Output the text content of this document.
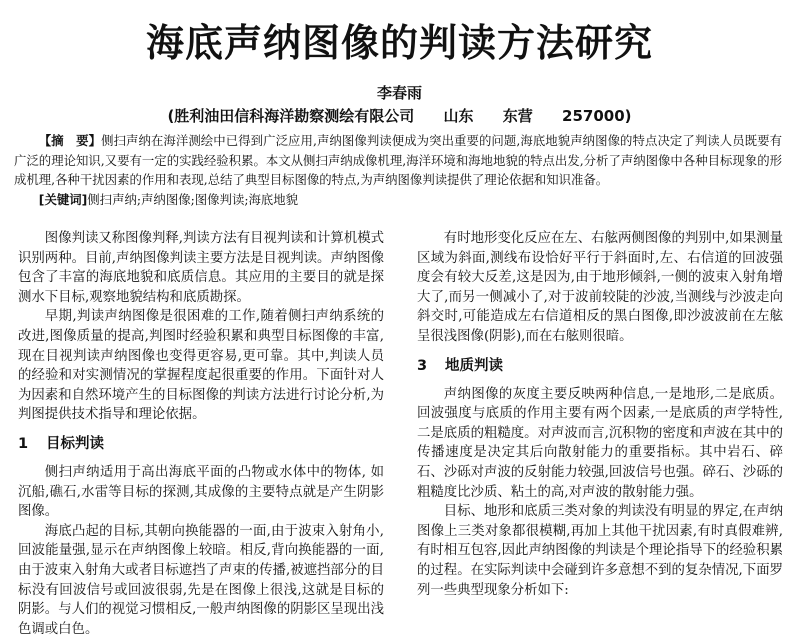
海底声纳图像的判读方法研究
李春雨
(胜利油田信科海洋勘察测绘有限公司 山东 东营 257000)

【摘　要】侧扫声纳在海洋测绘中已得到广泛应用,声纳图像判读便成为突出重要的问题,海底地貌声纳图像的特点决定了判读人员既要有广泛的理论知识,又要有一定的实践经验积累。本文从侧扫声纳成像机理,海洋环境和海地地貌的特点出发,分析了声纳图像中各种目标现象的形成机理,各种干扰因素的作用和表现,总结了典型目标图像的特点,为声纳图像判读提供了理论依据和知识准备。

[关键词]侧扫声纳;声纳图像;图像判读;海底地貌

图像判读又称图像判释,判读方法有目视判读和计算机模式识别两种。目前,声纳图像判读主要方法是目视判读。声纳图像包含了丰富的海底地貌和底质信息。其应用的主要目的就是探测水下目标,观察地貌结构和底质勘探。

早期,判读声纳图像是很困难的工作,随着侧扫声纳系统的改进,图像质量的提高,判图时经验积累和典型目标图像的丰富,现在目视判读声纳图像也变得更容易,更可靠。其中,判读人员的经验和对实测情况的掌握程度起很重要的作用。下面针对人为因素和自然环境产生的目标图像的判读方法进行讨论分析,为判图提供技术指导和理论依据。

1 目标判读

侧扫声纳适用于高出海底平面的凸物或水体中的物体, 如沉船,礁石,水雷等目标的探测,其成像的主要特点就是产生阴影图像。

海底凸起的目标,其朝向换能器的一面,由于波束入射角小,回波能量强,显示在声纳图像上较暗。相反,背向换能器的一面,由于波束入射角大或者目标遮挡了声束的传播,被遮挡部分的目标没有回波信号或回波很弱,先是在图像上很浅,这就是目标的阴影。与人们的视觉习惯相反,一般声纳图像的阴影区呈现出浅色调或白色。

有时地形变化反应在左、右舷两侧图像的判别中,如果测量区域为斜面,测线布设恰好平行于斜面时,左、右信道的回波强度会有较大反差,这是因为,由于地形倾斜,一侧的波束入射角增大了,而另一侧减小了,对于波前较陡的沙波,当测线与沙波走向斜交时,可能造成左右信道相反的黑白图像,即沙波波前在左舷呈很浅图像(阴影),而在右舷则很暗。

3 地质判读

声纳图像的灰度主要反映两种信息,一是地形,二是底质。回波强度与底质的作用主要有两个因素,一是底质的声学特性,二是底质的粗糙度。对声波而言,沉积物的密度和声波在其中的传播速度是决定其后向散射能力的重要指标。其中岩石、碎石、沙砾对声波的反射能力较强,回波信号也强。碎石、沙砾的粗糙度比沙质、粘土的高,对声波的散射能力强。

目标、地形和底质三类对象的判读没有明显的界定,在声纳图像上三类对象都很模糊,再加上其他干扰因素,有时真假难辨,有时相互包容,因此声纳图像的判读是个理论指导下的经验积累的过程。在实际判读中会碰到许多意想不到的复杂情况,下面罗列一些典型现象分析如下:
